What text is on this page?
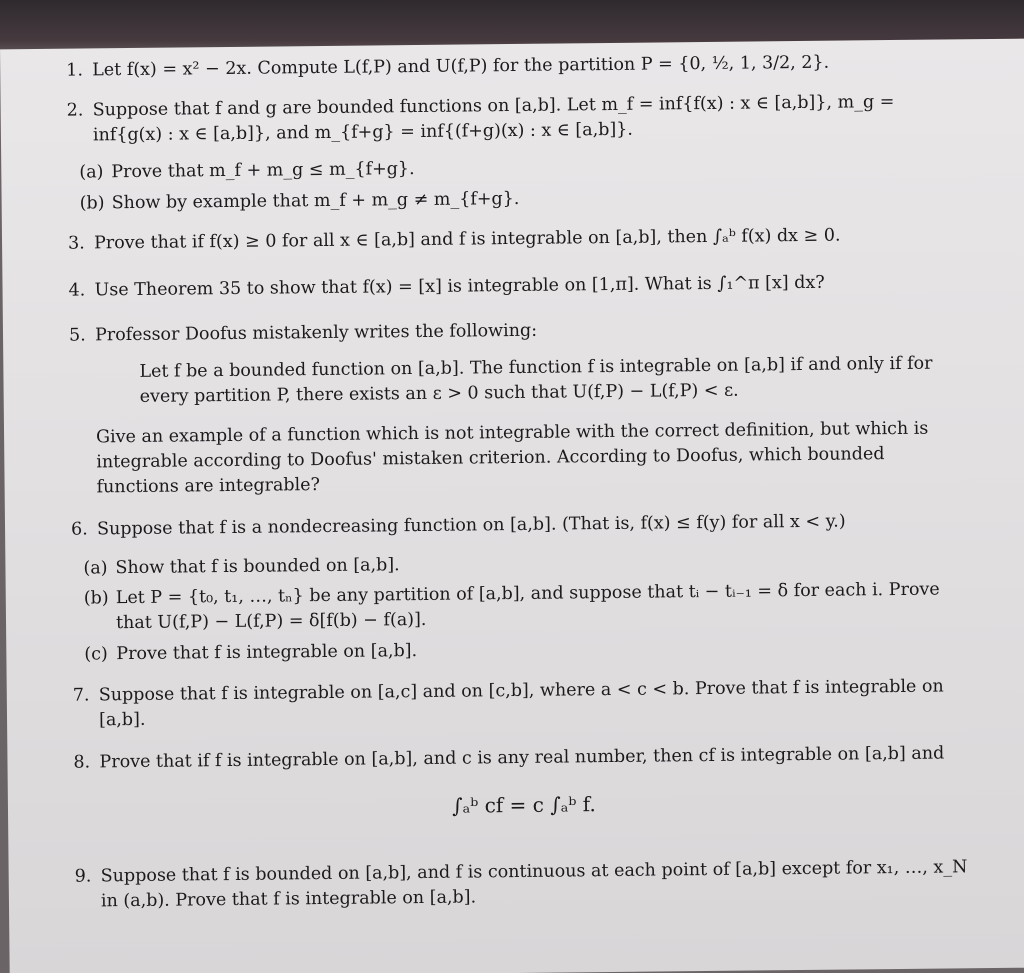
1. Let f(x) = x² − 2x. Compute L(f,P) and U(f,P) for the partition P = {0, ½, 1, 3/2, 2}.

2. Suppose that f and g are bounded functions on [a,b]. Let m_f = inf{f(x) : x ∈ [a,b]}, m_g = inf{g(x) : x ∈ [a,b]}, and m_{f+g} = inf{(f+g)(x) : x ∈ [a,b]}.

(a) Prove that m_f + m_g ≤ m_{f+g}.

(b) Show by example that m_f + m_g ≠ m_{f+g}.

3. Prove that if f(x) ≥ 0 for all x ∈ [a,b] and f is integrable on [a,b], then ∫ₐᵇ f(x) dx ≥ 0.

4. Use Theorem 35 to show that f(x) = [x] is integrable on [1,π]. What is ∫₁^π [x] dx?

5. Professor Doofus mistakenly writes the following:

Let f be a bounded function on [a,b]. The function f is integrable on [a,b] if and only if for every partition P, there exists an ε > 0 such that U(f,P) − L(f,P) < ε.

Give an example of a function which is not integrable with the correct definition, but which is integrable according to Doofus' mistaken criterion. According to Doofus, which bounded functions are integrable?

6. Suppose that f is a nondecreasing function on [a,b]. (That is, f(x) ≤ f(y) for all x < y.)

(a) Show that f is bounded on [a,b].

(b) Let P = {t₀, t₁, …, tₙ} be any partition of [a,b], and suppose that tᵢ − tᵢ₋₁ = δ for each i. Prove that U(f,P) − L(f,P) = δ[f(b) − f(a)].

(c) Prove that f is integrable on [a,b].

7. Suppose that f is integrable on [a,c] and on [c,b], where a < c < b. Prove that f is integrable on [a,b].

8. Prove that if f is integrable on [a,b], and c is any real number, then cf is integrable on [a,b] and

∫ₐᵇ cf = c ∫ₐᵇ f.

9. Suppose that f is bounded on [a,b], and f is continuous at each point of [a,b] except for x₁, …, x_N in (a,b). Prove that f is integrable on [a,b].
